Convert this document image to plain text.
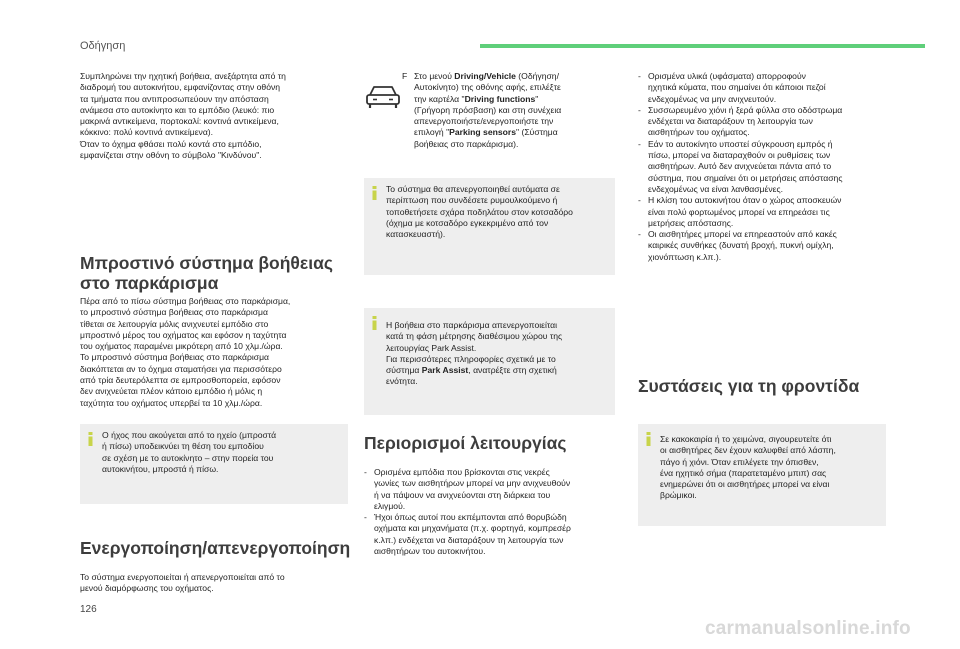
Οδήγηση

Συμπληρώνει την ηχητική βοήθεια, ανεξάρτητα από τη

διαδρομή του αυτοκινήτου, εμφανίζοντας στην οθόνη

τα τμήματα που αντιπροσωπεύουν την απόσταση

ανάμεσα στο αυτοκίνητο και το εμπόδιο (λευκό: πιο

μακρινά αντικείμενα, πορτοκαλί: κοντινά αντικείμενα,

κόκκινο: πολύ κοντινά αντικείμενα).

Όταν το όχημα φθάσει πολύ κοντά στο εμπόδιο,

εμφανίζεται στην οθόνη το σύμβολο "Κινδύνου".

Μπροστινό σύστημα βοήθειας

στο παρκάρισμα

Πέρα από το πίσω σύστημα βοήθειας στο παρκάρισμα,

το μπροστινό σύστημα βοήθειας στο παρκάρισμα

τίθεται σε λειτουργία μόλις ανιχνευτεί εμπόδιο στο

μπροστινό μέρος του οχήματος και εφόσον η ταχύτητα

του οχήματος παραμένει μικρότερη από 10 χλμ./ώρα.

Το μπροστινό σύστημα βοήθειας στο παρκάρισμα

διακόπτεται αν το όχημα σταματήσει για περισσότερο

από τρία δευτερόλεπτα σε εμπροσθοπορεία, εφόσον

δεν ανιχνεύεται πλέον κάποιο εμπόδιο ή μόλις η

ταχύτητα του οχήματος υπερβεί τα 10 χλμ./ώρα.

Ο ήχος που ακούγεται από το ηχείο (μπροστά

ή πίσω) υποδεικνύει τη θέση του εμποδίου

σε σχέση με το αυτοκίνητο – στην πορεία του

αυτοκινήτου, μπροστά ή πίσω.

Ενεργοποίηση/απενεργοποίηση

Το σύστημα ενεργοποιείται ή απενεργοποιείται από το

μενού διαμόρφωσης του οχήματος.

F Στο μενού Driving/Vehicle (Οδήγηση/

Αυτοκίνητο) της οθόνης αφής, επιλέξτε

την καρτέλα "Driving functions"

(Γρήγορη πρόσβαση) και στη συνέχεια

απενεργοποιήστε/ενεργοποιήστε την

επιλογή "Parking sensors" (Σύστημα

βοήθειας στο παρκάρισμα).

Το σύστημα θα απενεργοποιηθεί αυτόματα σε

περίπτωση που συνδέσετε ρυμουλκούμενο ή

τοποθετήσετε σχάρα ποδηλάτου στον κοτσαδόρο

(όχημα με κοτσαδόρο εγκεκριμένο από τον

κατασκευαστή).

Η βοήθεια στο παρκάρισμα απενεργοποιείται

κατά τη φάση μέτρησης διαθέσιμου χώρου της

λειτουργίας Park Assist.

Για περισσότερες πληροφορίες σχετικά με το

σύστημα Park Assist, ανατρέξτε στη σχετική

ενότητα.

Περιορισμοί λειτουργίας

- Ορισμένα εμπόδια που βρίσκονται στις νεκρές

γωνίες των αισθητήρων μπορεί να μην ανιχνευθούν

ή να πάψουν να ανιχνεύονται στη διάρκεια του

ελιγμού.

- Ήχοι όπως αυτοί που εκπέμπονται από θορυβώδη

οχήματα και μηχανήματα (π.χ. φορτηγά, κομπρεσέρ

κ.λπ.) ενδέχεται να διαταράξουν τη λειτουργία των

αισθητήρων του αυτοκινήτου.

- Ορισμένα υλικά (υφάσματα) απορροφούν

ηχητικά κύματα, που σημαίνει ότι κάποιοι πεζοί

ενδεχομένως να μην ανιχνευτούν.

- Συσσωρευμένο χιόνι ή ξερά φύλλα στο οδόστρωμα

ενδέχεται να διαταράξουν τη λειτουργία των

αισθητήρων του οχήματος.

- Εάν το αυτοκίνητο υποστεί σύγκρουση εμπρός ή

πίσω, μπορεί να διαταραχθούν οι ρυθμίσεις των

αισθητήρων. Αυτό δεν ανιχνεύεται πάντα από το

σύστημα, που σημαίνει ότι οι μετρήσεις απόστασης

ενδεχομένως να είναι λανθασμένες.

- Η κλίση του αυτοκινήτου όταν ο χώρος αποσκευών

είναι πολύ φορτωμένος μπορεί να επηρεάσει τις

μετρήσεις απόστασης.

- Οι αισθητήρες μπορεί να επηρεαστούν από κακές

καιρικές συνθήκες (δυνατή βροχή, πυκνή ομίχλη,

χιονόπτωση κ.λπ.).

Συστάσεις για τη φροντίδα

Σε κακοκαιρία ή το χειμώνα, σιγουρευτείτε ότι

οι αισθητήρες δεν έχουν καλυφθεί από λάσπη,

πάγο ή χιόνι. Όταν επιλέγετε την όπισθεν,

ένα ηχητικό σήμα (παρατεταμένο μπιπ) σας

ενημερώνει ότι οι αισθητήρες μπορεί να είναι

βρώμικοι.

126
carmanualsonline.info
